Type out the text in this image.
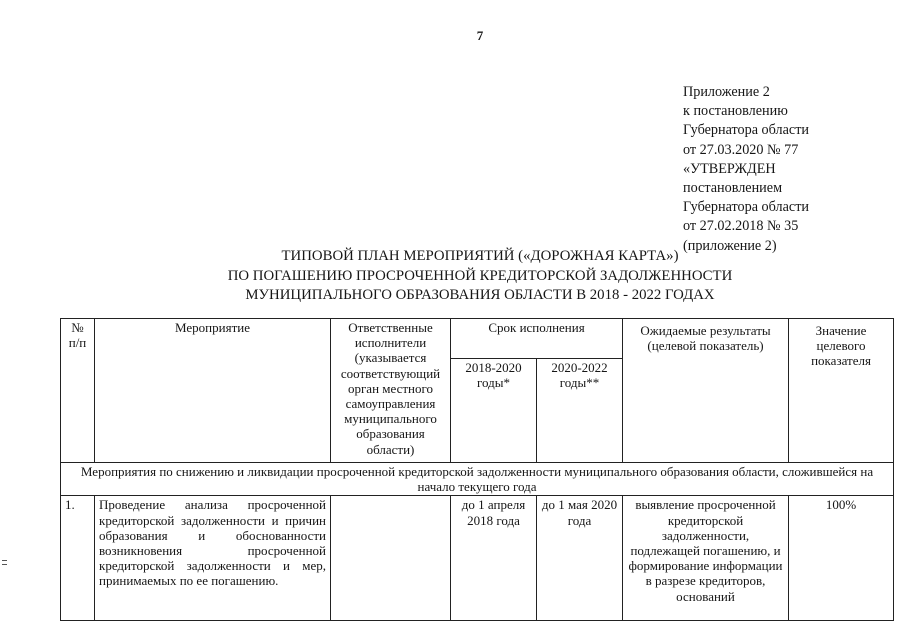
7
Приложение 2
к постановлению
Губернатора области
от 27.03.2020 № 77
«УТВЕРЖДЕН
постановлением
Губернатора области
от 27.02.2018 № 35
(приложение 2)
ТИПОВОЙ ПЛАН МЕРОПРИЯТИЙ («ДОРОЖНАЯ КАРТА»)
ПО ПОГАШЕНИЮ ПРОСРОЧЕННОЙ КРЕДИТОРСКОЙ ЗАДОЛЖЕННОСТИ
МУНИЦИПАЛЬНОГО ОБРАЗОВАНИЯ ОБЛАСТИ В 2018 - 2022 ГОДАХ
№ п/п	Мероприятие	Ответственные исполнители (указывается соответствующий орган местного самоуправления муниципального образования области)	Срок исполнения		Ожидаемые результаты (целевой показатель)	Значение целевого показателя
			2018-2020 годы*	2020-2022 годы**		
Мероприятия по снижению и ликвидации просроченной кредиторской задолженности муниципального образования области, сложившейся на начало текущего года						

1.	Проведение анализа просроченной кредиторской задолженности и причин образования и обоснованности возникновения просроченной кредиторской задолженности и мер, принимаемых по ее погашению.		до 1 апреля 2018 года	до 1 мая 2020 года	выявление просроченной кредиторской задолженности, подлежащей погашению, и формирование информации в разрезе кредиторов, оснований	100%
